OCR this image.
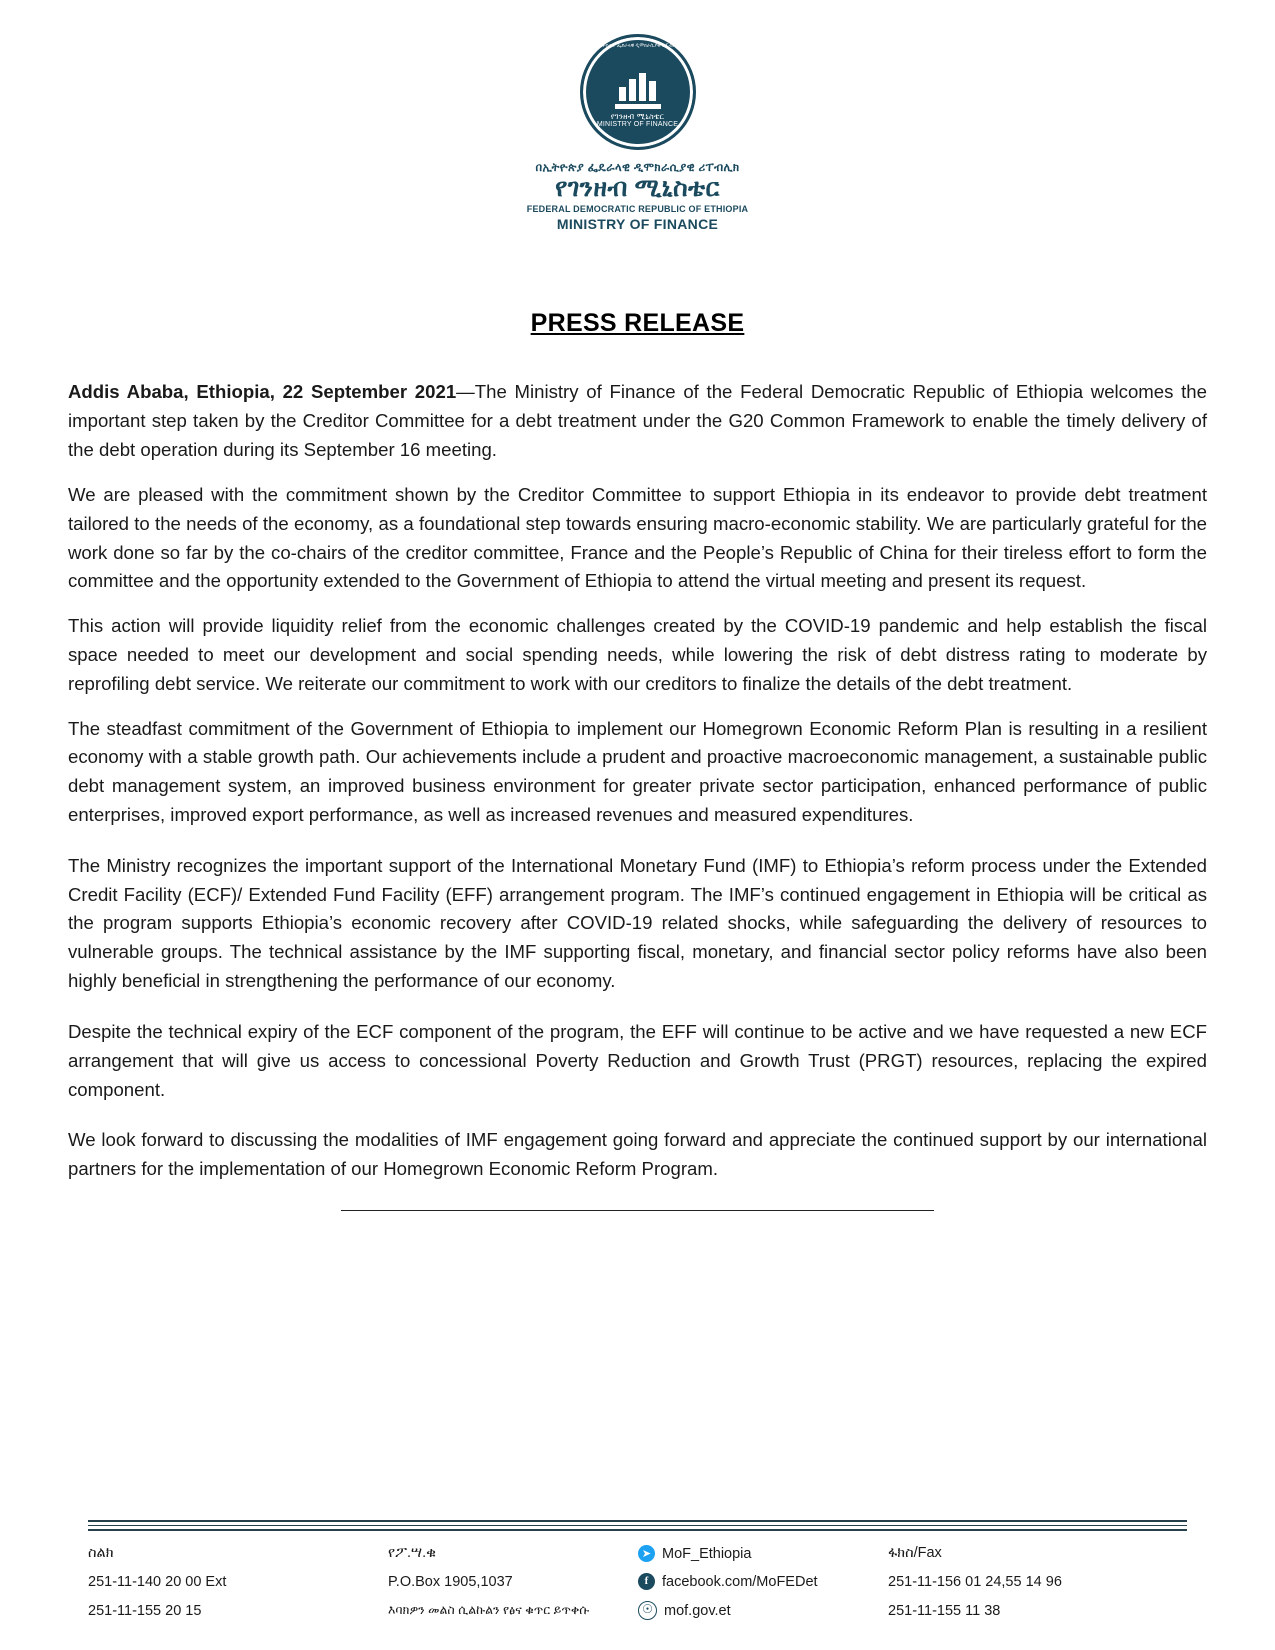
የኢትዮጵያ ፌደራላዊ ዲሞክራሲያዊ ሪፐብሊክ
የገንዘብ ሚኒስቴር
MINISTRY OF FINANCE
በኢትዮጵያ ፌዴራላዊ ዲሞክራሲያዊ ሪፐብሊክ
የገንዘብ ሚኒስቴር
FEDERAL DEMOCRATIC REPUBLIC OF ETHIOPIA
MINISTRY OF FINANCE
PRESS RELEASE

Addis Ababa, Ethiopia, 22 September 2021—The Ministry of Finance of the Federal Democratic Republic of Ethiopia welcomes the important step taken by the Creditor Committee for a debt treatment under the G20 Common Framework to enable the timely delivery of the debt operation during its September 16 meeting.

We are pleased with the commitment shown by the Creditor Committee to support Ethiopia in its endeavor to provide debt treatment tailored to the needs of the economy, as a foundational step towards ensuring macro-economic stability. We are particularly grateful for the work done so far by the co-chairs of the creditor committee, France and the People’s Republic of China for their tireless effort to form the committee and the opportunity extended to the Government of Ethiopia to attend the virtual meeting and present its request.

This action will provide liquidity relief from the economic challenges created by the COVID-19 pandemic and help establish the fiscal space needed to meet our development and social spending needs, while lowering the risk of debt distress rating to moderate by reprofiling debt service. We reiterate our commitment to work with our creditors to finalize the details of the debt treatment.

The steadfast commitment of the Government of Ethiopia to implement our Homegrown Economic Reform Plan is resulting in a resilient economy with a stable growth path. Our achievements include a prudent and proactive macroeconomic management, a sustainable public debt management system, an improved business environment for greater private sector participation, enhanced performance of public enterprises, improved export performance, as well as increased revenues and measured expenditures.

The Ministry recognizes the important support of the International Monetary Fund (IMF) to Ethiopia’s reform process under the Extended Credit Facility (ECF)/ Extended Fund Facility (EFF) arrangement program. The IMF’s continued engagement in Ethiopia will be critical as the program supports Ethiopia’s economic recovery after COVID-19 related shocks, while safeguarding the delivery of resources to vulnerable groups. The technical assistance by the IMF supporting fiscal, monetary, and financial sector policy reforms have also been highly beneficial in strengthening the performance of our economy.

Despite the technical expiry of the ECF component of the program, the EFF will continue to be active and we have requested a new ECF arrangement that will give us access to concessional Poverty Reduction and Growth Trust (PRGT) resources, replacing the expired component.

We look forward to discussing the modalities of IMF engagement going forward and appreciate the continued support by our international partners for the implementation of our Homegrown Economic Reform Program.

ስልክ
251-11-140 20 00 Ext
251-11-155 20 15
የፖ.ሣ.ቁ
P.O.Box 1905,1037
እባክዎን መልስ ሲልኩልን የፅና ቁጥር ይጥቀሱ
➤ MoF_Ethiopia
f facebook.com/MoFEDet
☉ mof.gov.et
ፋክስ/Fax
251-11-156 01 24,55 14 96
251-11-155 11 38
